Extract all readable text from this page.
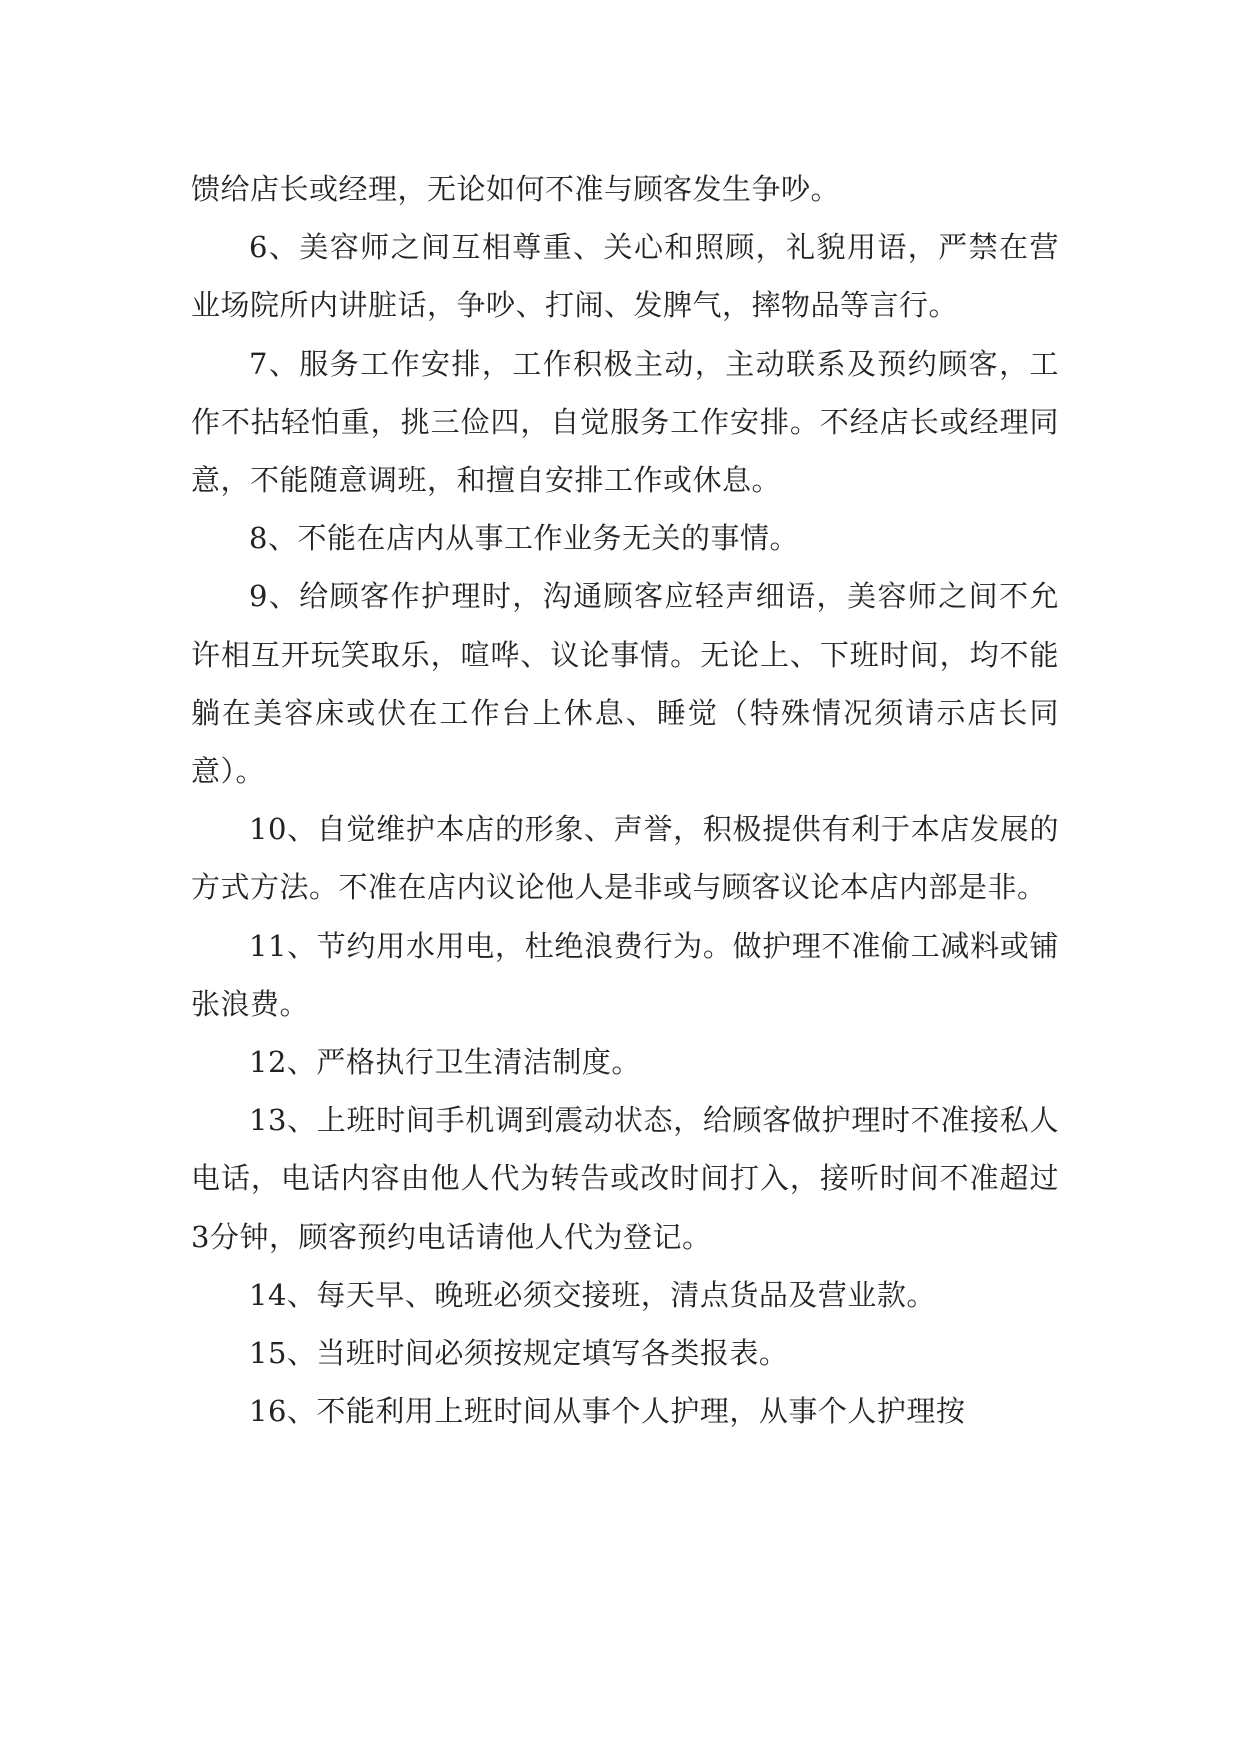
馈给店长或经理，无论如何不准与顾客发生争吵。

6、美容师之间互相尊重、关心和照顾，礼貌用语，严禁在营业场院所内讲脏话，争吵、打闹、发脾气，摔物品等言行。

7、服务工作安排，工作积极主动，主动联系及预约顾客，工作不拈轻怕重，挑三俭四，自觉服务工作安排。不经店长或经理同意，不能随意调班，和擅自安排工作或休息。

8、不能在店内从事工作业务无关的事情。

9、给顾客作护理时，沟通顾客应轻声细语，美容师之间不允许相互开玩笑取乐，喧哗、议论事情。无论上、下班时间，均不能躺在美容床或伏在工作台上休息、睡觉（特殊情况须请示店长同意）。

10、自觉维护本店的形象、声誉，积极提供有利于本店发展的方式方法。不准在店内议论他人是非或与顾客议论本店内部是非。

11、节约用水用电，杜绝浪费行为。做护理不准偷工减料或铺张浪费。

12、严格执行卫生清洁制度。

13、上班时间手机调到震动状态，给顾客做护理时不准接私人电话，电话内容由他人代为转告或改时间打入，接听时间不准超过3分钟，顾客预约电话请他人代为登记。

14、每天早、晚班必须交接班，清点货品及营业款。

15、当班时间必须按规定填写各类报表。

16、不能利用上班时间从事个人护理，从事个人护理按
